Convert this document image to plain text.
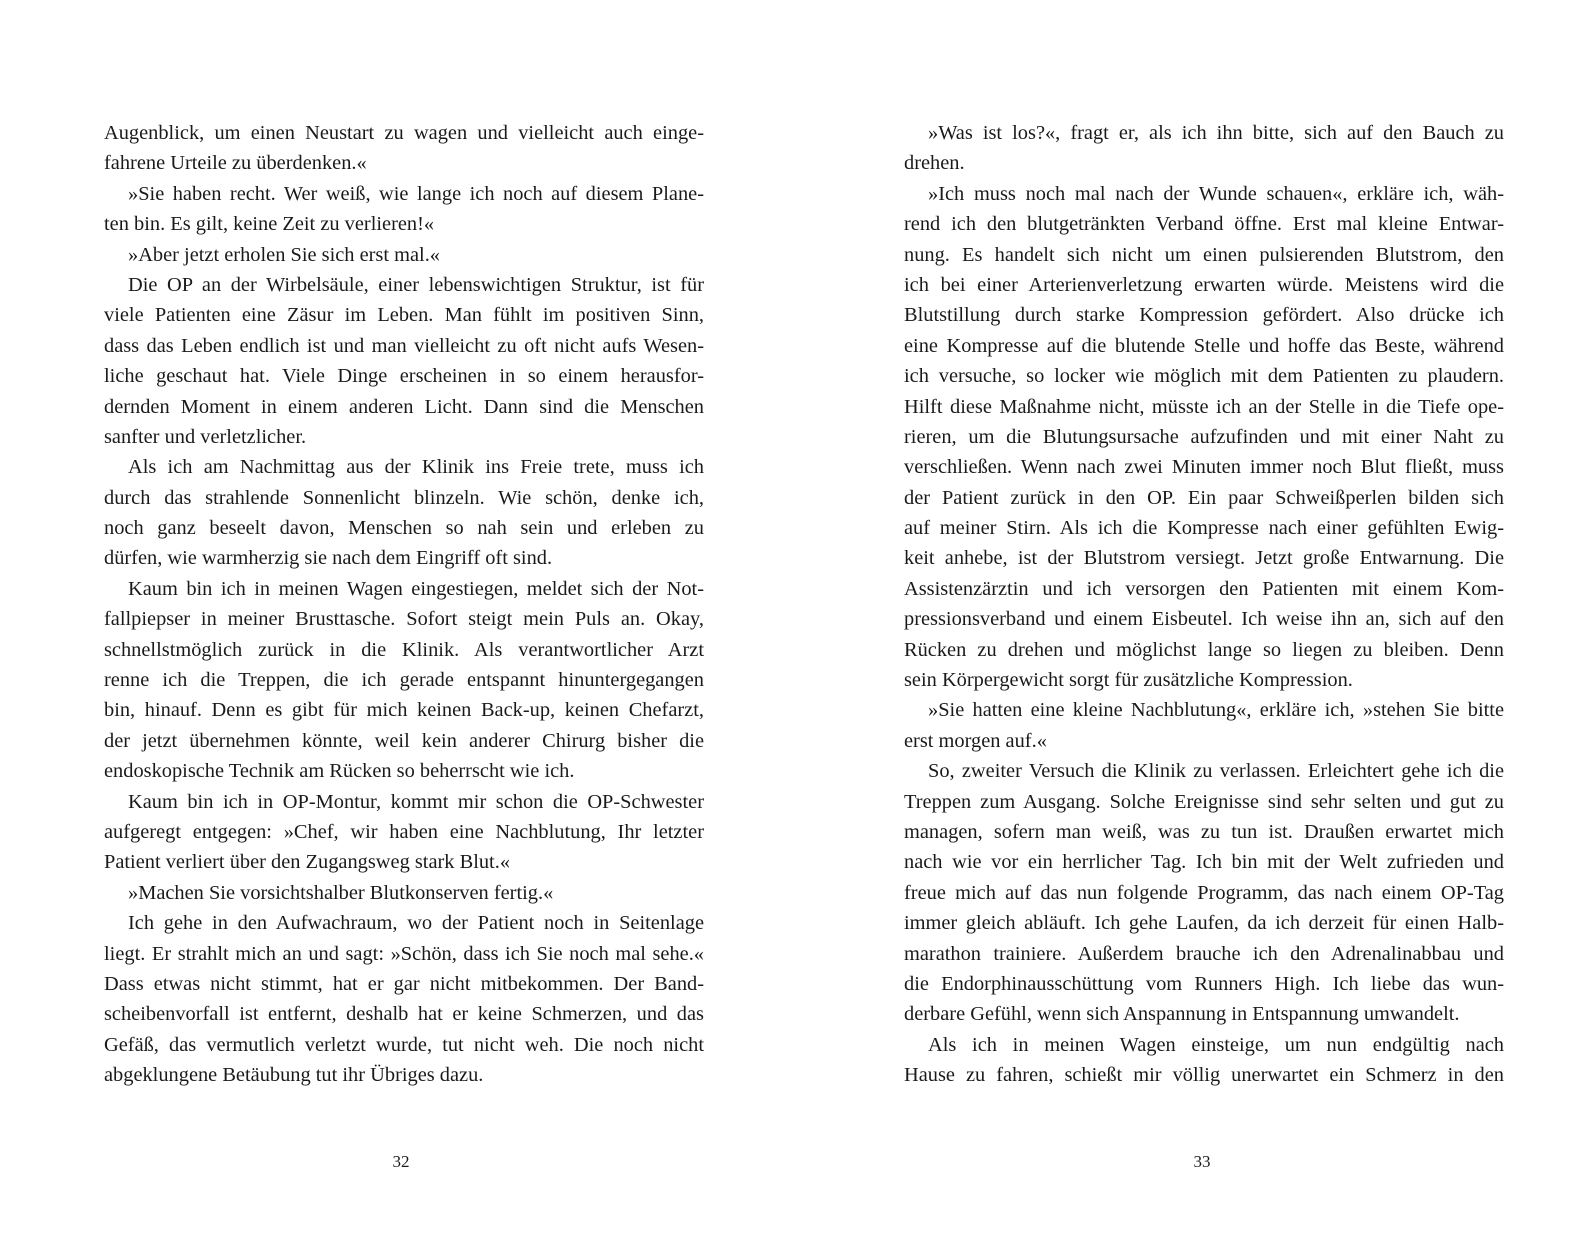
Augenblick, um einen Neustart zu wagen und vielleicht auch einge-
fahrene Urteile zu überdenken.«
»Sie haben recht. Wer weiß, wie lange ich noch auf diesem Plane-
ten bin. Es gilt, keine Zeit zu verlieren!«
»Aber jetzt erholen Sie sich erst mal.«
Die OP an der Wirbelsäule, einer lebenswichtigen Struktur, ist für
viele Patienten eine Zäsur im Leben. Man fühlt im positiven Sinn,
dass das Leben endlich ist und man vielleicht zu oft nicht aufs Wesen-
liche geschaut hat. Viele Dinge erscheinen in so einem herausfor-
dernden Moment in einem anderen Licht. Dann sind die Menschen
sanfter und verletzlicher.
Als ich am Nachmittag aus der Klinik ins Freie trete, muss ich
durch das strahlende Sonnenlicht blinzeln. Wie schön, denke ich,
noch ganz beseelt davon, Menschen so nah sein und erleben zu
dürfen, wie warmherzig sie nach dem Eingriff oft sind.
Kaum bin ich in meinen Wagen eingestiegen, meldet sich der Not-
fallpiepser in meiner Brusttasche. Sofort steigt mein Puls an. Okay,
schnellstmöglich zurück in die Klinik. Als verantwortlicher Arzt
renne ich die Treppen, die ich gerade entspannt hinuntergegangen
bin, hinauf. Denn es gibt für mich keinen Back-up, keinen Chefarzt,
der jetzt übernehmen könnte, weil kein anderer Chirurg bisher die
endoskopische Technik am Rücken so beherrscht wie ich.
Kaum bin ich in OP-Montur, kommt mir schon die OP-Schwester
aufgeregt entgegen: »Chef, wir haben eine Nachblutung, Ihr letzter
Patient verliert über den Zugangsweg stark Blut.«
»Machen Sie vorsichtshalber Blutkonserven fertig.«
Ich gehe in den Aufwachraum, wo der Patient noch in Seitenlage
liegt. Er strahlt mich an und sagt: »Schön, dass ich Sie noch mal sehe.«
Dass etwas nicht stimmt, hat er gar nicht mitbekommen. Der Band-
scheibenvorfall ist entfernt, deshalb hat er keine Schmerzen, und das
Gefäß, das vermutlich verletzt wurde, tut nicht weh. Die noch nicht
abgeklungene Betäubung tut ihr Übriges dazu.
32
»Was ist los?«, fragt er, als ich ihn bitte, sich auf den Bauch zu
drehen.
»Ich muss noch mal nach der Wunde schauen«, erkläre ich, wäh-
rend ich den blutgetränkten Verband öffne. Erst mal kleine Entwar-
nung. Es handelt sich nicht um einen pulsierenden Blutstrom, den
ich bei einer Arterienverletzung erwarten würde. Meistens wird die
Blutstillung durch starke Kompression gefördert. Also drücke ich
eine Kompresse auf die blutende Stelle und hoffe das Beste, während
ich versuche, so locker wie möglich mit dem Patienten zu plaudern.
Hilft diese Maßnahme nicht, müsste ich an der Stelle in die Tiefe ope-
rieren, um die Blutungsursache aufzufinden und mit einer Naht zu
verschließen. Wenn nach zwei Minuten immer noch Blut fließt, muss
der Patient zurück in den OP. Ein paar Schweißperlen bilden sich
auf meiner Stirn. Als ich die Kompresse nach einer gefühlten Ewig-
keit anhebe, ist der Blutstrom versiegt. Jetzt große Entwarnung. Die
Assistenzärztin und ich versorgen den Patienten mit einem Kom-
pressionsverband und einem Eisbeutel. Ich weise ihn an, sich auf den
Rücken zu drehen und möglichst lange so liegen zu bleiben. Denn
sein Körpergewicht sorgt für zusätzliche Kompression.
»Sie hatten eine kleine Nachblutung«, erkläre ich, »stehen Sie bitte
erst morgen auf.«
So, zweiter Versuch die Klinik zu verlassen. Erleichtert gehe ich die
Treppen zum Ausgang. Solche Ereignisse sind sehr selten und gut zu
managen, sofern man weiß, was zu tun ist. Draußen erwartet mich
nach wie vor ein herrlicher Tag. Ich bin mit der Welt zufrieden und
freue mich auf das nun folgende Programm, das nach einem OP-Tag
immer gleich abläuft. Ich gehe Laufen, da ich derzeit für einen Halb-
marathon trainiere. Außerdem brauche ich den Adrenalinabbau und
die Endorphinausschüttung vom Runners High. Ich liebe das wun-
derbare Gefühl, wenn sich Anspannung in Entspannung umwandelt.
Als ich in meinen Wagen einsteige, um nun endgültig nach
Hause zu fahren, schießt mir völlig unerwartet ein Schmerz in den
33
